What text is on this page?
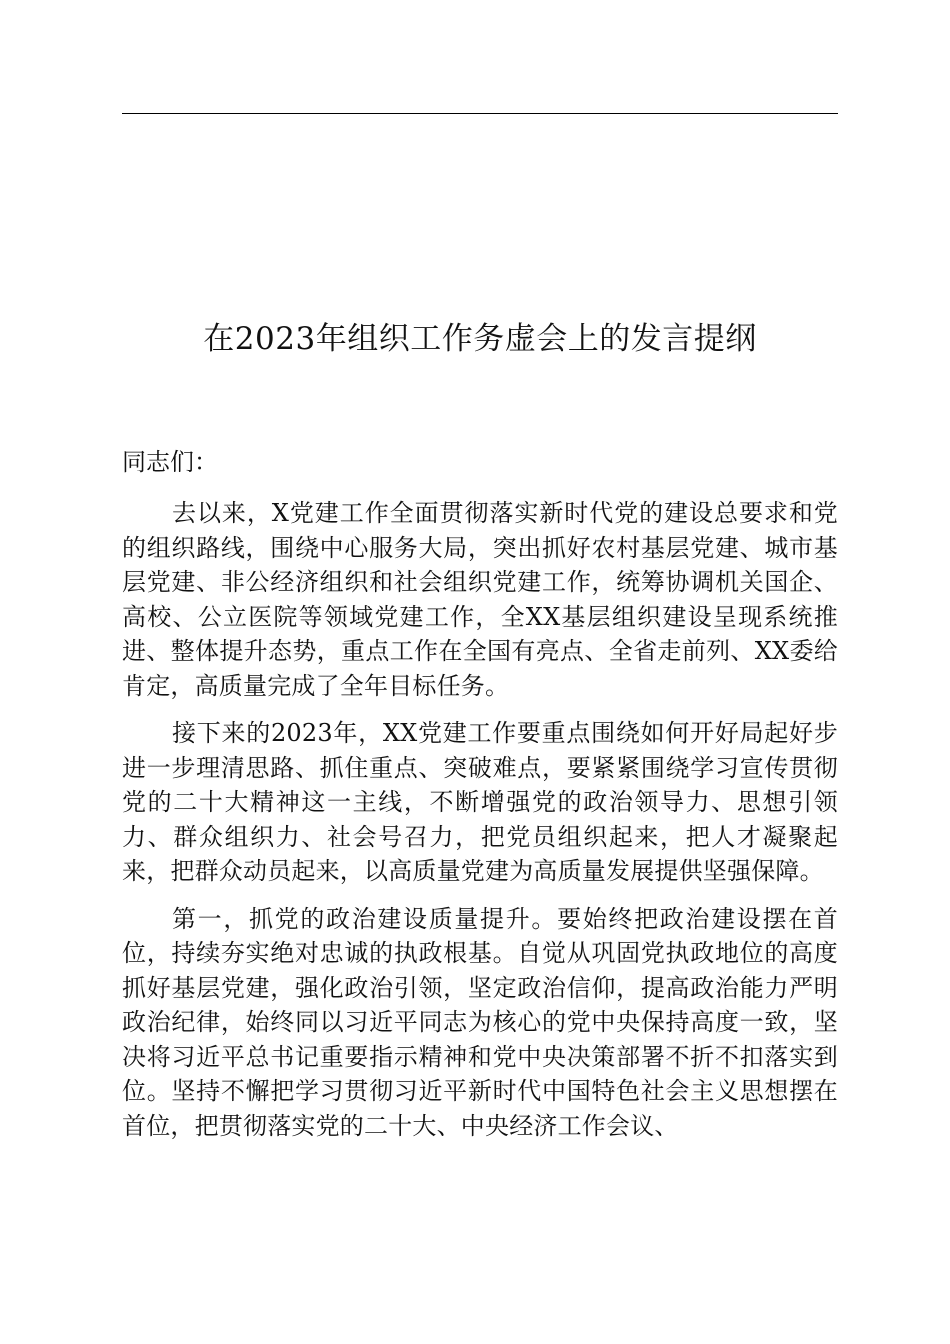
在2023年组织工作务虚会上的发言提纲

同志们：

去以来，X党建工作全面贯彻落实新时代党的建设总要求和党的组织路线，围绕中心服务大局，突出抓好农村基层党建、城市基层党建、非公经济组织和社会组织党建工作，统筹协调机关国企、高校、公立医院等领域党建工作，全XX基层组织建设呈现系统推进、整体提升态势，重点工作在全国有亮点、全省走前列、XX委给肯定，高质量完成了全年目标任务。

接下来的2023年，XX党建工作要重点围绕如何开好局起好步进一步理清思路、抓住重点、突破难点，要紧紧围绕学习宣传贯彻党的二十大精神这一主线，不断增强党的政治领导力、思想引领力、群众组织力、社会号召力，把党员组织起来，把人才凝聚起来，把群众动员起来，以高质量党建为高质量发展提供坚强保障。

第一，抓党的政治建设质量提升。要始终把政治建设摆在首位，持续夯实绝对忠诚的执政根基。自觉从巩固党执政地位的高度抓好基层党建，强化政治引领，坚定政治信仰，提高政治能力严明政治纪律，始终同以习近平同志为核心的党中央保持高度一致，坚决将习近平总书记重要指示精神和党中央决策部署不折不扣落实到位。坚持不懈把学习贯彻习近平新时代中国特色社会主义思想摆在首位，把贯彻落实党的二十大、中央经济工作会议、
